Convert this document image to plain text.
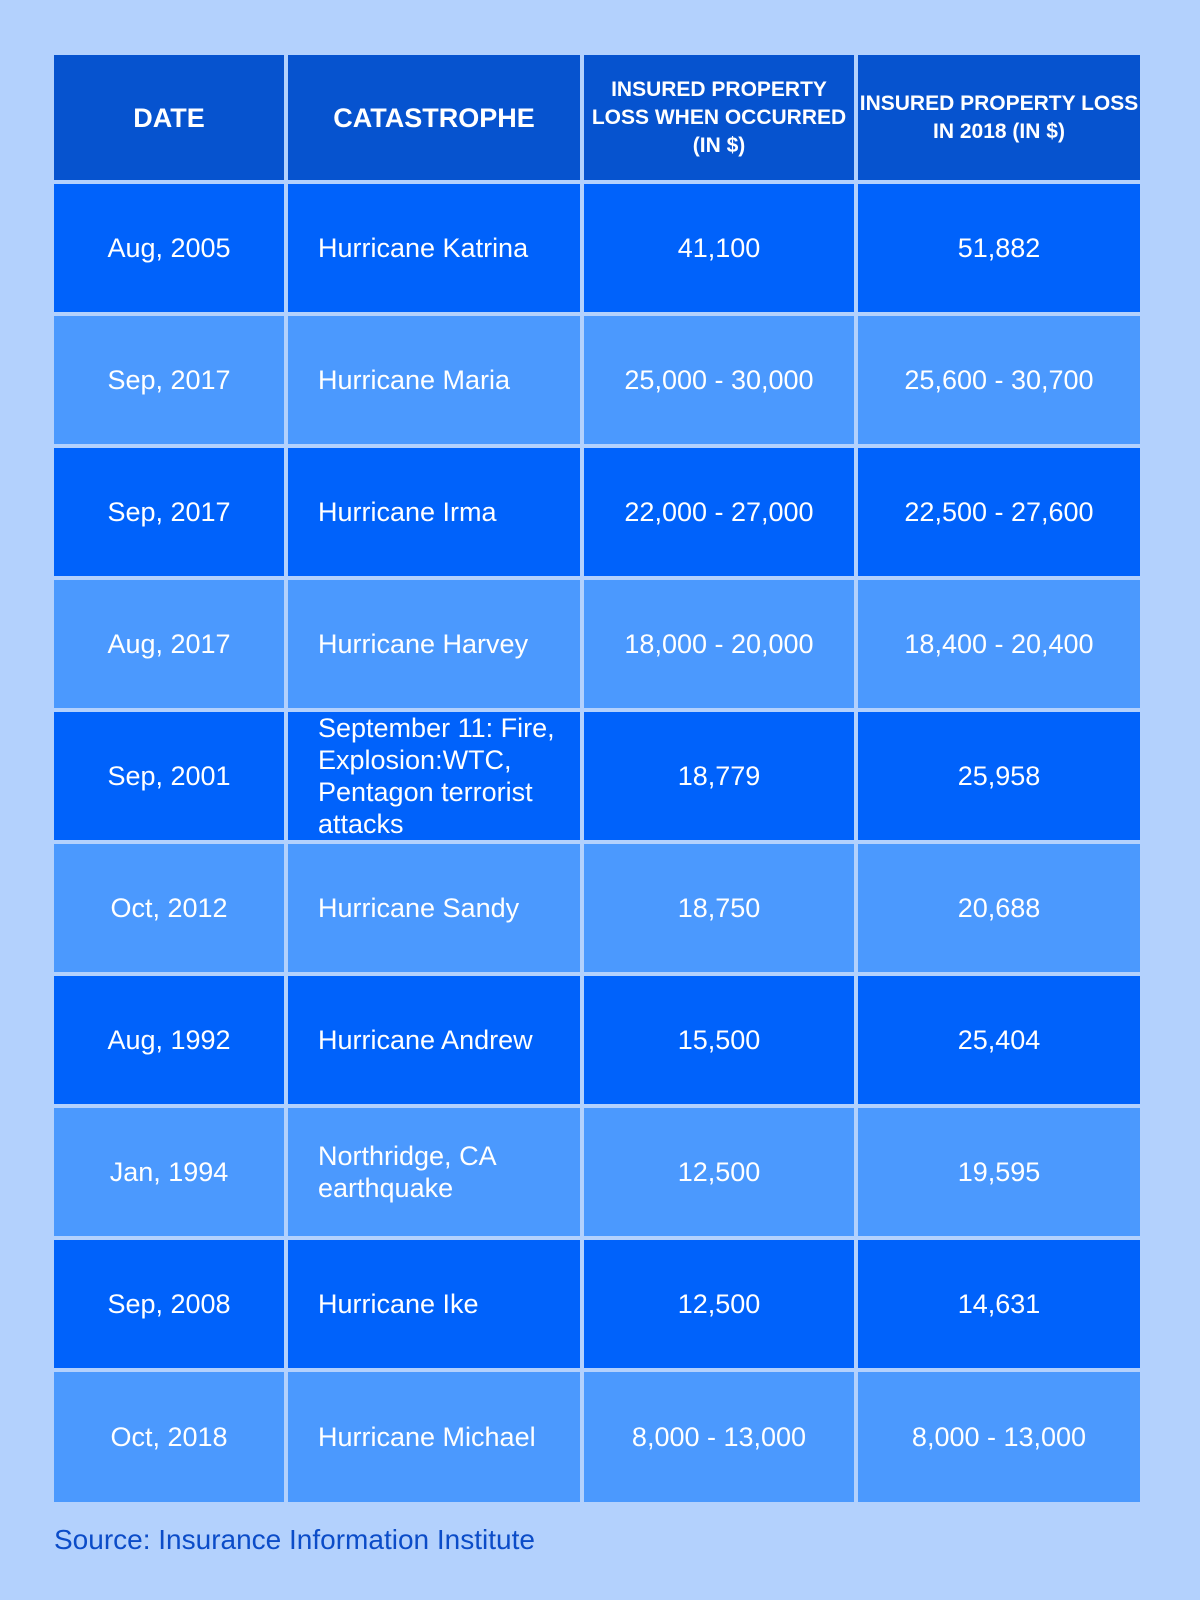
DATE	CATASTROPHE	INSURED PROPERTY LOSS WHEN OCCURRED (IN $)	INSURED PROPERTY LOSS IN 2018 (IN $)
Aug, 2005	Hurricane Katrina	41,100	51,882
Sep, 2017	Hurricane Maria	25,000 - 30,000	25,600 - 30,700
Sep, 2017	Hurricane Irma	22,000 - 27,000	22,500 - 27,600
Aug, 2017	Hurricane Harvey	18,000 - 20,000	18,400 - 20,400
Sep, 2001	September 11: Fire, Explosion:WTC, Pentagon terrorist attacks	18,779	25,958
Oct, 2012	Hurricane Sandy	18,750	20,688
Aug, 1992	Hurricane Andrew	15,500	25,404
Jan, 1994	Northridge, CA earthquake	12,500	19,595
Sep, 2008	Hurricane Ike	12,500	14,631
Oct, 2018	Hurricane Michael	8,000 - 13,000	8,000 - 13,000
Source: Insurance Information Institute
